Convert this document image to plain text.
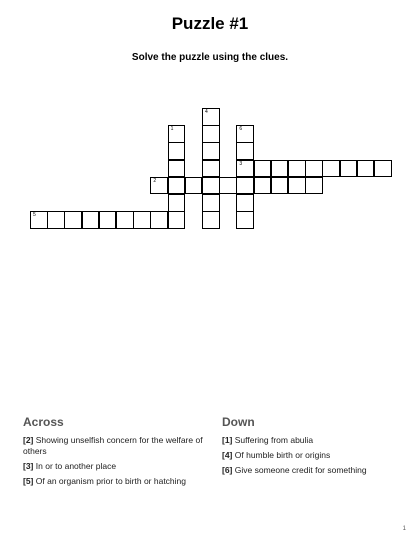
Puzzle #1
Solve the puzzle using the clues.
1
2
3
4
5
6
Across
[2] Showing unselfish concern for the welfare of others
[3] In or to another place
[5] Of an organism prior to birth or hatching
Down
[1] Suffering from abulia
[4] Of humble birth or origins
[6] Give someone credit for something
1
